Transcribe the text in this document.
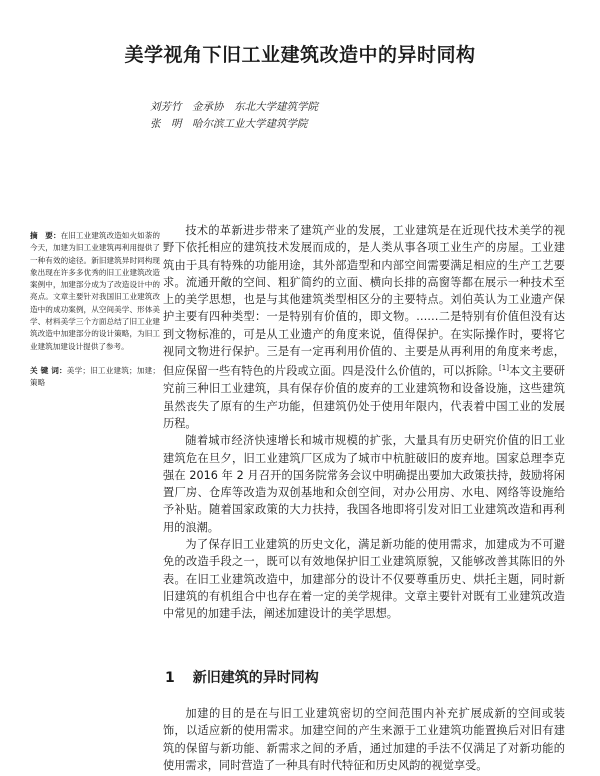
美学视角下旧工业建筑改造中的异时同构
刘芳竹　金承协　 东北大学建筑学院
张　明　 哈尔滨工业大学建筑学院
摘　要：在旧工业建筑改造如火如荼的今天，加建为旧工业建筑再利用提供了一种有效的途径。新旧建筑异时同构现象出现在许多多优秀的旧工业建筑改造案例中，加建部分成为了改造设计中的亮点。文章主要针对我国旧工业建筑改造中的成功案例，从空间美学、形体美学、材料美学三个方面总结了旧工业建筑改造中加建部分的设计策略，为旧工业建筑加建设计提供了参考。
关 键 词：美学；旧工业建筑；加建；策略

技术的革新进步带来了建筑产业的发展，工业建筑是在近现代技术美学的视野下依托相应的建筑技术发展而成的，是人类从事各项工业生产的房屋。工业建筑由于具有特殊的功能用途，其外部造型和内部空间需要满足相应的生产工艺要求。流通开敞的空间、粗犷简约的立面、横向长排的高窗等都在展示一种技术至上的美学思想，也是与其他建筑类型相区分的主要特点。刘伯英认为工业遗产保护主要有四种类型：一是特别有价值的，即文物。……二是特别有价值但没有达到文物标准的，可是从工业遗产的角度来说，值得保护。在实际操作时，要将它视同文物进行保护。三是有一定再利用价值的、主要是从再利用的角度来考虑，但应保留一些有特色的片段或立面。四是没什么价值的，可以拆除。[1]本文主要研究前三种旧工业建筑，具有保存价值的废弃的工业建筑物和设备设施，这些建筑虽然丧失了原有的生产功能，但建筑仍处于使用年限内，代表着中国工业的发展历程。

随着城市经济快速增长和城市规模的扩张，大量具有历史研究价值的旧工业建筑危在旦夕，旧工业建筑厂区成为了城市中杭脏破旧的废弃地。国家总理李克强在 2016 年 2 月召开的国务院常务会议中明确提出要加大政策扶持，鼓励将闲置厂房、仓库等改造为双创基地和众创空间，对办公用房、水电、网络等设施给予补贴。随着国家政策的大力扶持，我国各地即将引发对旧工业建筑改造和再利用的浪潮。

为了保存旧工业建筑的历史文化，满足新功能的使用需求，加建成为不可避免的改造手段之一，既可以有效地保护旧工业建筑原貌，又能够改善其陈旧的外表。在旧工业建筑改造中，加建部分的设计不仅要尊重历史、烘托主题，同时新旧建筑的有机组合中也存在着一定的美学规律。文章主要针对既有工业建筑改造中常见的加建手法，阐述加建设计的美学思想。

1 新旧建筑的异时同构

加建的目的是在与旧工业建筑密切的空间范围内补充扩展成新的空间或装饰，以适应新的使用需求。加建空间的产生来源于工业建筑功能置换后对旧有建筑的保留与新功能、新需求之间的矛盾，通过加建的手法不仅满足了对新功能的使用需求，同时营造了一种具有时代特征和历史风韵的视觉享受。
